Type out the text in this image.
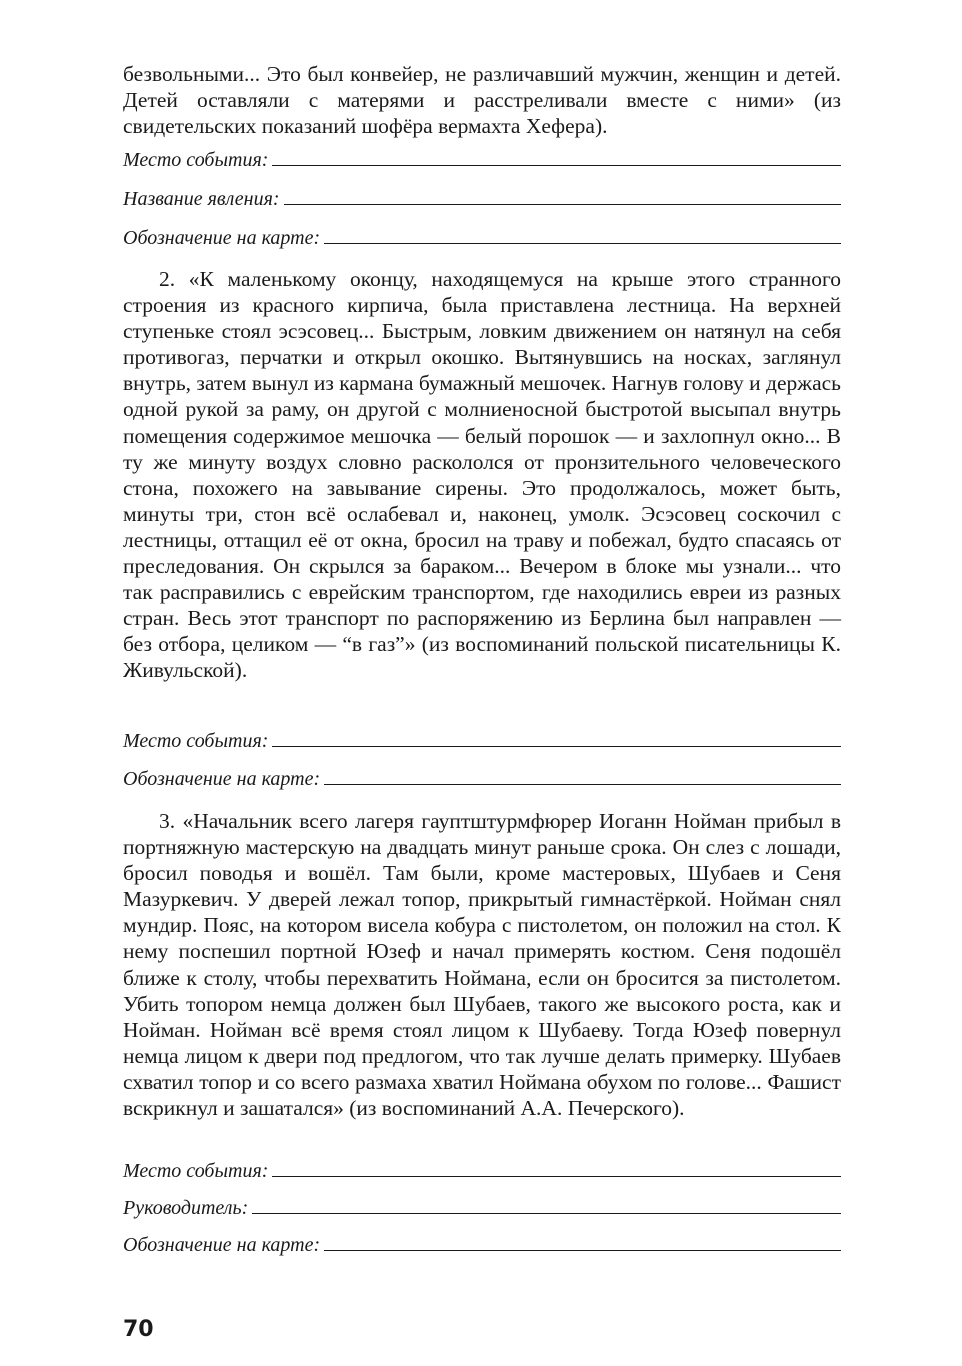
безвольными... Это был конвейер, не различавший мужчин, женщин и детей. Детей оставляли с матерями и расстреливали вместе с ними» (из свидетельских показаний шофёра вермахта Хефера).

Место события:
Название явления:
Обозначение на карте:

2. «К маленькому оконцу, находящемуся на крыше этого странного строения из красного кирпича, была приставлена лестница. На верхней ступеньке стоял эсэсовец... Быстрым, ловким движением он натянул на себя противогаз, перчатки и открыл окошко. Вытянувшись на носках, заглянул внутрь, затем вынул из кармана бумажный мешочек. Нагнув голову и держась одной рукой за раму, он другой с молниеносной быстротой высыпал внутрь помещения содержимое мешочка — белый порошок — и захлопнул окно... В ту же минуту воздух словно раскололся от пронзительного человеческого стона, похожего на завывание сирены. Это продолжалось, может быть, минуты три, стон всё ослабевал и, наконец, умолк. Эсэсовец соскочил с лестницы, оттащил её от окна, бросил на траву и побежал, будто спасаясь от преследования. Он скрылся за бараком... Вечером в блоке мы узнали... что так расправились с еврейским транспортом, где находились евреи из разных стран. Весь этот транспорт по распоряжению из Берлина был направлен — без отбора, целиком — “в газ”» (из воспоминаний польской писательницы К. Живульской).

Место события:
Обозначение на карте:

3. «Начальник всего лагеря гауптштурмфюрер Иоганн Нойман прибыл в портняжную мастерскую на двадцать минут раньше срока. Он слез с лошади, бросил поводья и вошёл. Там были, кроме мастеровых, Шубаев и Сеня Мазуркевич. У дверей лежал топор, прикрытый гимнастёркой. Нойман снял мундир. Пояс, на котором висела кобура с пистолетом, он положил на стол. К нему поспешил портной Юзеф и начал примерять костюм. Сеня подошёл ближе к столу, чтобы перехватить Ноймана, если он бросится за пистолетом. Убить топором немца должен был Шубаев, такого же высокого роста, как и Нойман. Нойман всё время стоял лицом к Шубаеву. Тогда Юзеф повернул немца лицом к двери под предлогом, что так лучше делать примерку. Шубаев схватил топор и со всего размаха хватил Ноймана обухом по голове... Фашист вскрикнул и зашатался» (из воспоминаний А.А. Печерского).

Место события:
Руководитель:
Обозначение на карте:
70
